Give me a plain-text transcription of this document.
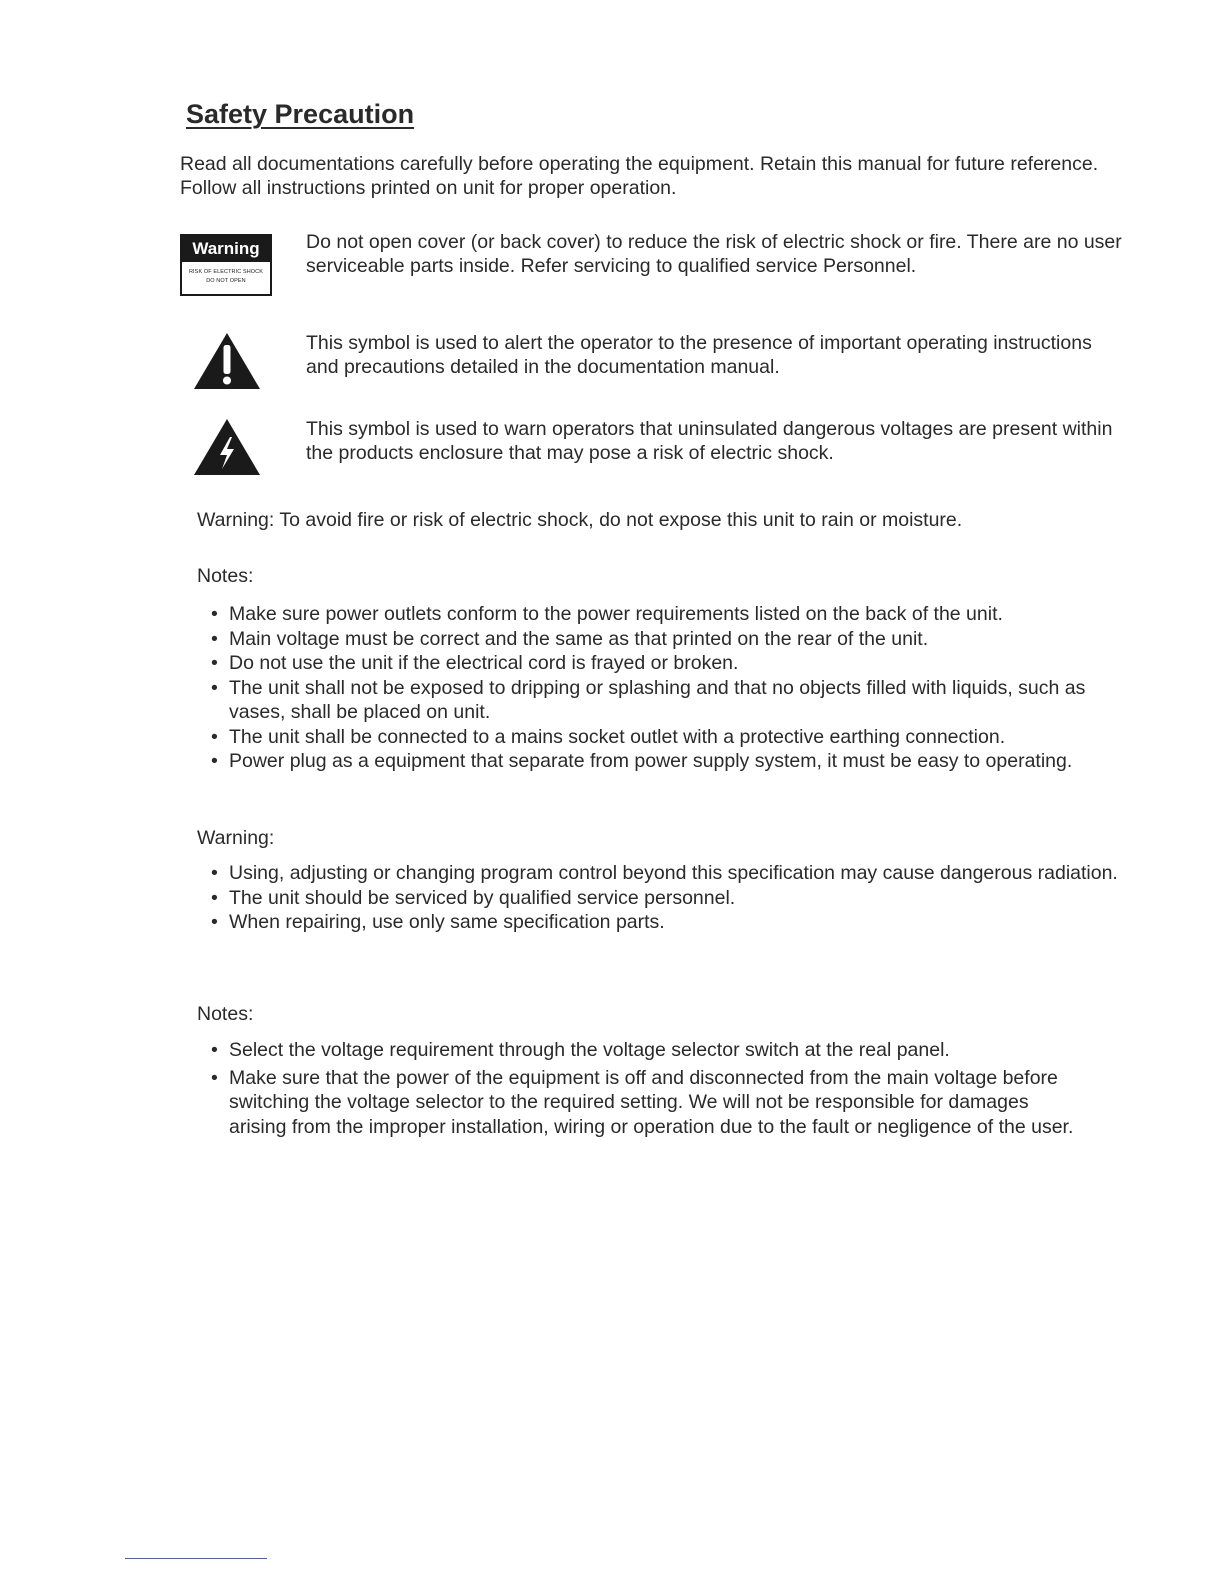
Safety Precaution

Read all documentations carefully before operating the equipment. Retain this manual for future reference. Follow all instructions printed on unit for proper operation.

Warning
RISK OF ELECTRIC SHOCK
DO NOT OPEN

Do not open cover (or back cover) to reduce the risk of electric shock or fire. There are no user serviceable parts inside. Refer servicing to qualified service Personnel.

This symbol is used to alert the operator to the presence of important operating instructions and precautions detailed in the documentation manual.

This symbol is used to warn operators that uninsulated dangerous voltages are present within the products enclosure that may pose a risk of electric shock.

Warning: To avoid fire or risk of electric shock, do not expose this unit to rain or moisture.

Notes:

• Make sure power outlets conform to the power requirements listed on the back of the unit.
• Main voltage must be correct and the same as that printed on the rear of the unit.
• Do not use the unit if the electrical cord is frayed or broken.
• The unit shall not be exposed to dripping or splashing and that no objects filled with liquids, such as vases, shall be placed on unit.
• The unit shall be connected to a mains socket outlet with a protective earthing connection.
• Power plug as a equipment that separate from power supply system, it must be easy to operating.

Warning:

• Using, adjusting or changing program control beyond this specification may cause dangerous radiation.
• The unit should be serviced by qualified service personnel.
• When repairing, use only same specification parts.

Notes:

• Select the voltage requirement through the voltage selector switch at the real panel.
• Make sure that the power of the equipment is off and disconnected from the main voltage before switching the voltage selector to the required setting. We will not be responsible for damages arising from the improper installation, wiring or operation due to the fault or negligence of the user.
